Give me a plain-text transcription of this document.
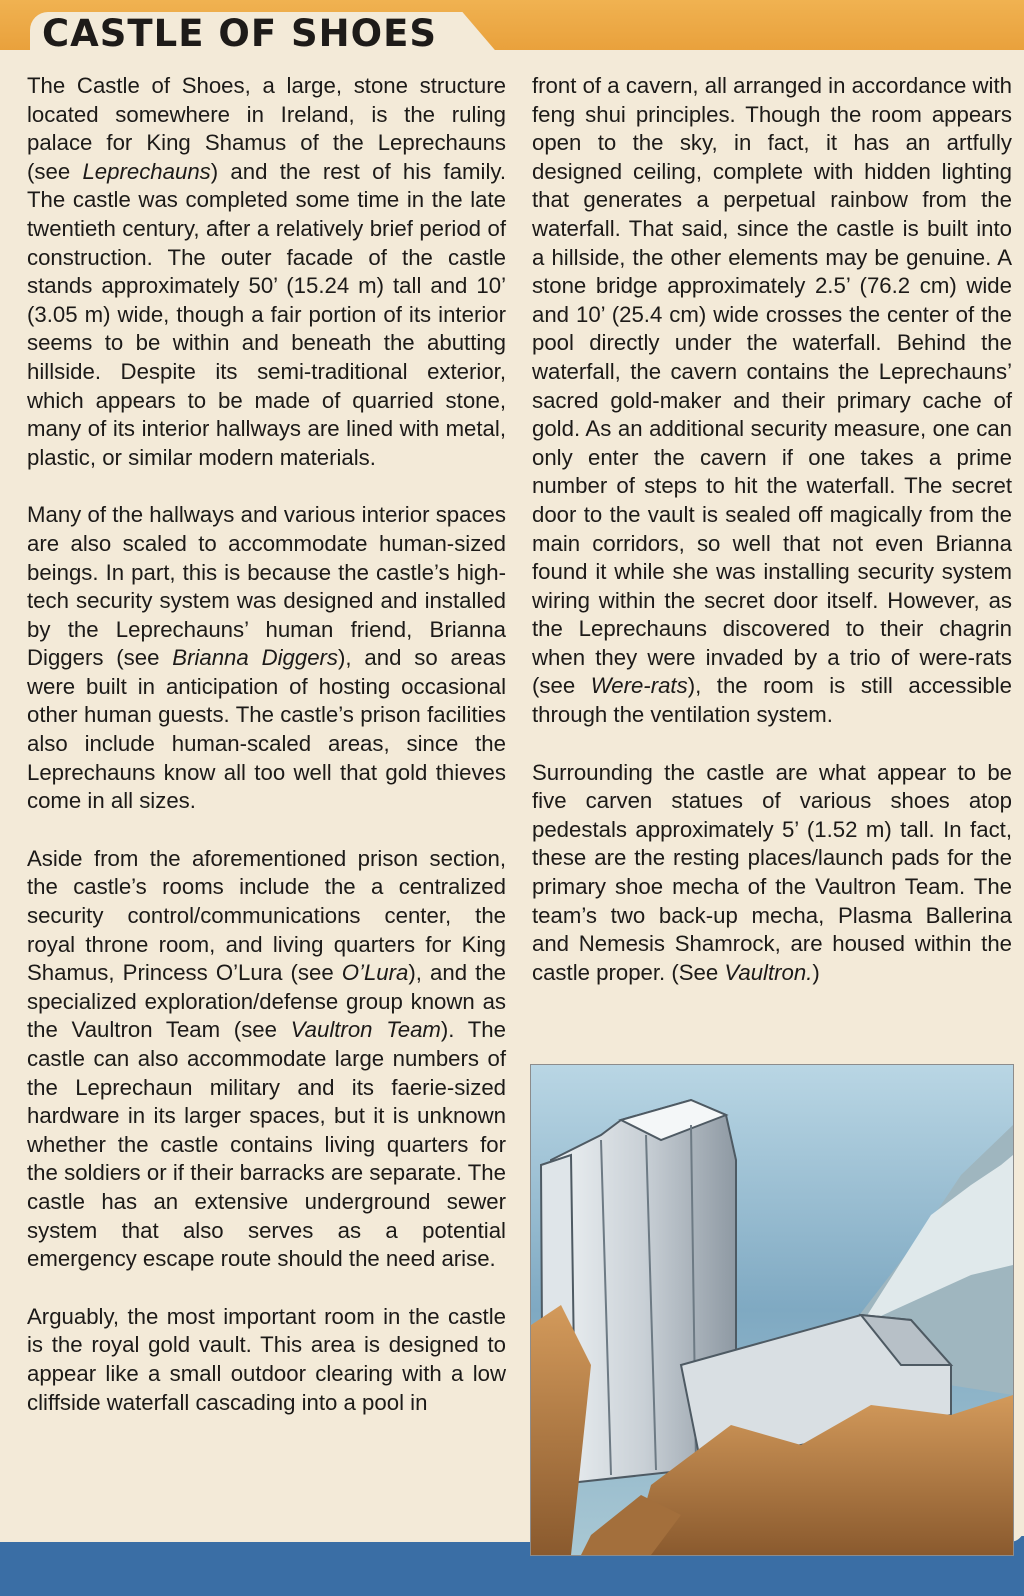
CASTLE OF SHOES

The Castle of Shoes, a large, stone structure located somewhere in Ireland, is the ruling palace for King Shamus of the Leprechauns (see Leprechauns) and the rest of his family. The castle was completed some time in the late twentieth century, after a relatively brief period of construction. The outer facade of the castle stands approximately 50’ (15.24 m) tall and 10’ (3.05 m) wide, though a fair portion of its interior seems to be within and beneath the abutting hillside. Despite its semi-traditional exterior, which appears to be made of quarried stone, many of its interior hallways are lined with metal, plastic, or similar modern materials.

Many of the hallways and various interior spaces are also scaled to accommodate human-sized beings. In part, this is because the castle’s high-tech security system was designed and installed by the Leprechauns’ human friend, Brianna Diggers (see Brianna Diggers), and so areas were built in anticipation of hosting occasional other human guests. The castle’s prison facilities also include human-scaled areas, since the Leprechauns know all too well that gold thieves come in all sizes.

Aside from the aforementioned prison section, the castle’s rooms include the a centralized security control/communications center, the royal throne room, and living quarters for King Shamus, Princess O’Lura (see O’Lura), and the specialized exploration/defense group known as the Vaultron Team (see Vaultron Team). The castle can also accommodate large numbers of the Leprechaun military and its faerie-sized hardware in its larger spaces, but it is unknown whether the castle contains living quarters for the soldiers or if their barracks are separate. The castle has an extensive underground sewer system that also serves as a potential emergency escape route should the need arise.

Arguably, the most important room in the castle is the royal gold vault. This area is designed to appear like a small outdoor clearing with a low cliffside waterfall cascading into a pool in

front of a cavern, all arranged in accordance with feng shui principles. Though the room appears open to the sky, in fact, it has an artfully designed ceiling, complete with hidden lighting that generates a perpetual rainbow from the waterfall. That said, since the castle is built into a hillside, the other elements may be genuine. A stone bridge approximately 2.5’ (76.2 cm) wide and 10’ (25.4 cm) wide crosses the center of the pool directly under the waterfall. Behind the waterfall, the cavern contains the Leprechauns’ sacred gold-maker and their primary cache of gold. As an additional security measure, one can only enter the cavern if one takes a prime number of steps to hit the waterfall. The secret door to the vault is sealed off magically from the main corridors, so well that not even Brianna found it while she was installing security system wiring within the secret door itself. However, as the Leprechauns discovered to their chagrin when they were invaded by a trio of were-rats (see Were-rats), the room is still accessible through the ventilation system.

Surrounding the castle are what appear to be five carven statues of various shoes atop pedestals approximately 5’ (1.52 m) tall. In fact, these are the resting places/launch pads for the primary shoe mecha of the Vaultron Team. The team’s two back-up mecha, Plasma Ballerina and Nemesis Shamrock, are housed within the castle proper. (See Vaultron.)
